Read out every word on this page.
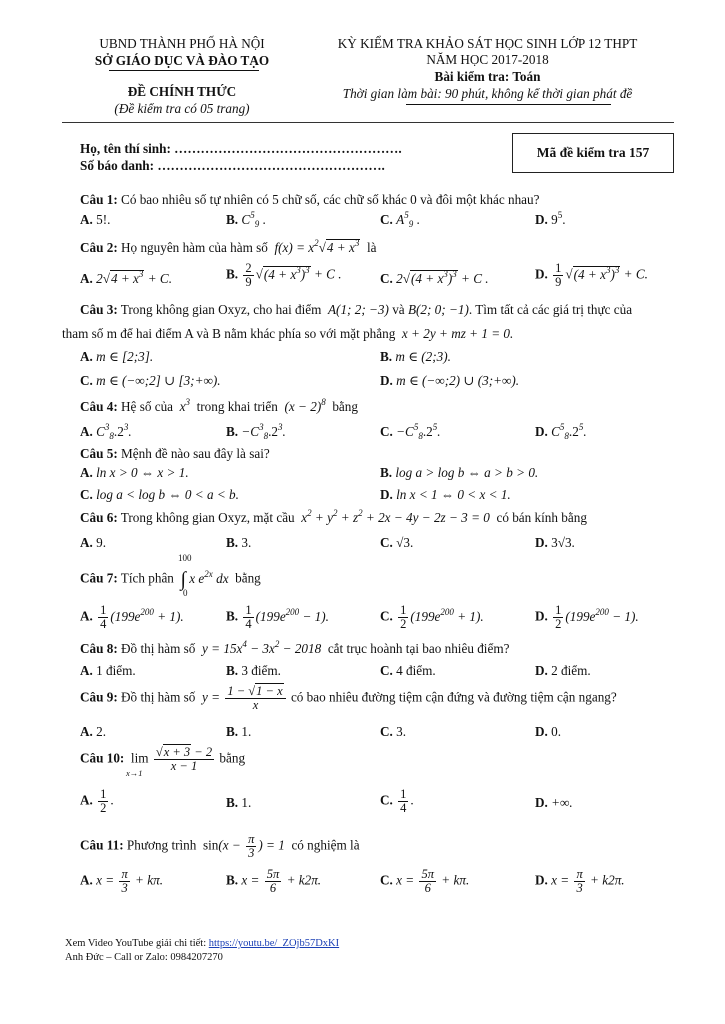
UBND THÀNH PHỐ HÀ NỘI
SỞ GIÁO DỤC VÀ ĐÀO TẠO
ĐỀ CHÍNH THỨC
(Đề kiểm tra có 05 trang)
KỲ KIỂM TRA KHẢO SÁT HỌC SINH LỚP 12 THPT
NĂM HỌC 2017-2018
Bài kiểm tra: Toán
Thời gian làm bài: 90 phút, không kể thời gian phát đề
Họ, tên thí sinh: …………………………………………….
Số báo danh: …………………………………………….
Mã đề kiểm tra 157
Câu 1: Có bao nhiêu số tự nhiên có 5 chữ số, các chữ số khác 0 và đôi một khác nhau?
A. 5!.	B. $C^5_9$ .	C. $A^5_9$ .	D. $9^5$.
Câu 2: Họ nguyên hàm của hàm số  $f(x) = x^2√4 + x^3$ là
A. $2√4 + x^3 + C$.	B. $\frac{2}{9} √(4 + x^3)^3 + C$ .	C. $2√(4 + x^3)^3 + C$ .	D. $\frac{1}{9} √(4 + x^3)^3 + C$.
Câu 3: Trong không gian Oxyz, cho hai điểm  A(1; 2; −3) và B(2; 0; −1). Tìm tất cả các giá trị thực của
tham số m để hai điểm A và B nằm khác phía so với mặt phẳng  x + 2y + mz + 1 = 0.
A. m ∈ [2;3].	B. m ∈ (2;3).
C. m ∈ (−∞;2] ∪ [3;+∞).	D. m ∈ (−∞;2) ∪ (3;+∞).
Câu 4: Hệ số của  $x^3$ trong khai triển  $(x - 2)^8$ bằng
A. $C^3_8.2^3$.	B. $-C^3_8.2^3$.	C. $-C^5_8.2^5$.	D. $C^5_8.2^5$.
Câu 5: Mệnh đề nào sau đây là sai?
A. ln x > 0 ⇔ x > 1.	B. log a > log b ⇔ a > b > 0.
C. log a < log b ⇔ 0 < a < b.	D. ln x < 1 ⇔ 0 < x < 1.
Câu 6: Trong không gian Oxyz, mặt cầu  $x^2 + y^2 + z^2 + 2x - 4y - 2z - 3 = 0$  có bán kính bằng
A. 9.	B. 3.	C. √3.	D. 3√3.
Câu 7: Tích phân ∫ x $e^{2x}$ dx  bằng
100
0
A. $\frac{1}{4} (199e^{200} + 1)$.	B. $\frac{1}{4} (199e^{200} - 1)$.	C. $\frac{1}{2} (199e^{200} + 1)$.	D. $\frac{1}{2} (199e^{200} - 1)$.
Câu 8: Đồ thị hàm số  $y = 15x^4 - 3x^2 - 2018$  cắt trục hoành tại bao nhiêu điểm?
A. 1 điểm.	B. 3 điểm.	C. 4 điểm.	D. 2 điểm.
Câu 9: Đồ thị hàm số  $y = \frac{1 - √1 - x}{x}$ có bao nhiêu đường tiệm cận đứng và đường tiệm cận ngang?
A. 2.	B. 1.	C. 3.	D. 0.
Câu 10:  $\lim \frac{√x + 3 - 2}{x - 1}$ bằng
x→1
A. $\frac{1}{2}$ .	B. 1.	C. $\frac{1}{4}$ .	D. +∞.
Câu 11: Phương trình $\sin(x - \frac{\pi}{3}$ ) = 1  có nghiệm là
A. $x = \frac{\pi}{3} + k\pi$.	B. $x = \frac{5\pi}{6} + k2\pi$.	C. $x = \frac{5\pi}{6} + k\pi$.	D. $x = \frac{\pi}{3} + k2\pi$.
Xem Video YouTube giải chi tiết: https://youtu.be/_ZOjb57DxKI
Anh Đức – Call or Zalo: 0984207270
